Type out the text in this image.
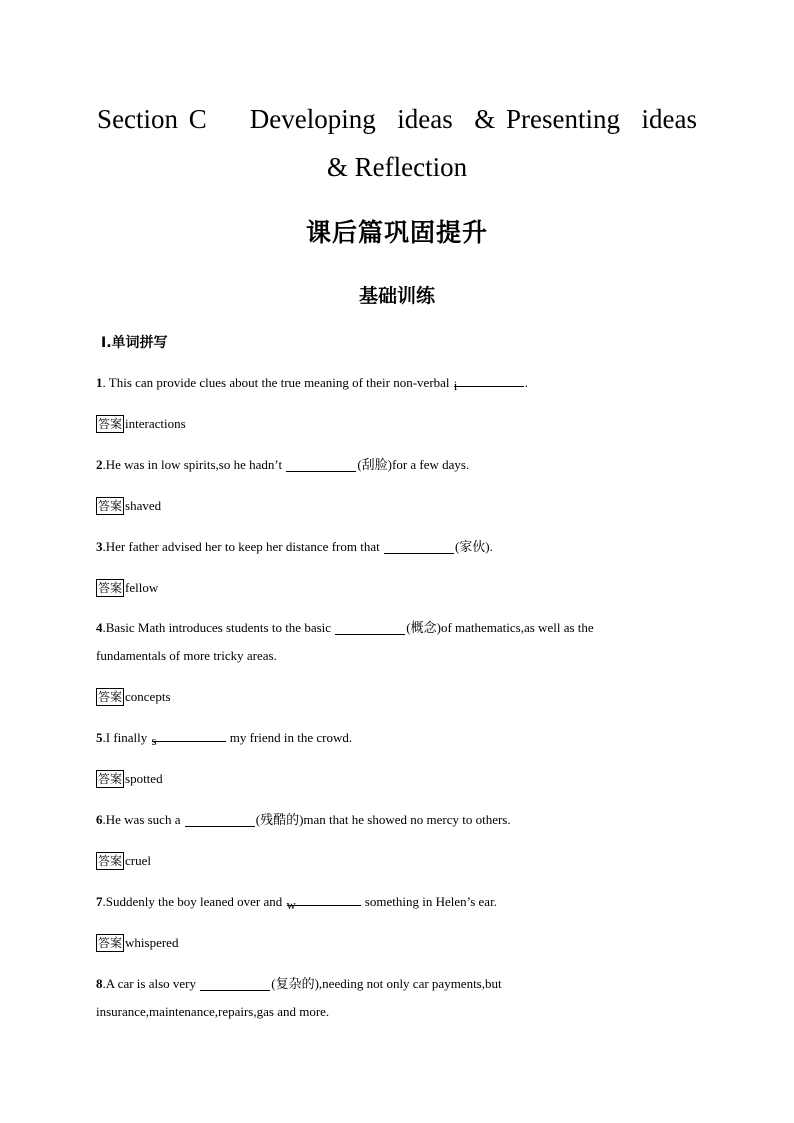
Section C    Developing  ideas  & Presenting  ideas
& Reflection
课后篇巩固提升
基础训练
Ⅰ.单词拼写
1. This can provide clues about the true meaning of their non-verbal i	.
答案 interactions
2.He was in low spirits,so he hadn’t	(刮脸)for a few days.
答案 shaved
3.Her father advised her to keep her distance from that	(家伙).
答案 fellow
4.Basic Math introduces students to the basic	(概念)of mathematics,as well as the
fundamentals of more tricky areas.
答案 concepts
5.I finally s	my friend in the crowd.
答案 spotted
6.He was such a	(残酷的)man that he showed no mercy to others.
答案 cruel
7.Suddenly the boy leaned over and w	something in Helen’s ear.
答案 whispered
8.A car is also very	(复杂的),needing not only car payments,but
insurance,maintenance,repairs,gas and more.
